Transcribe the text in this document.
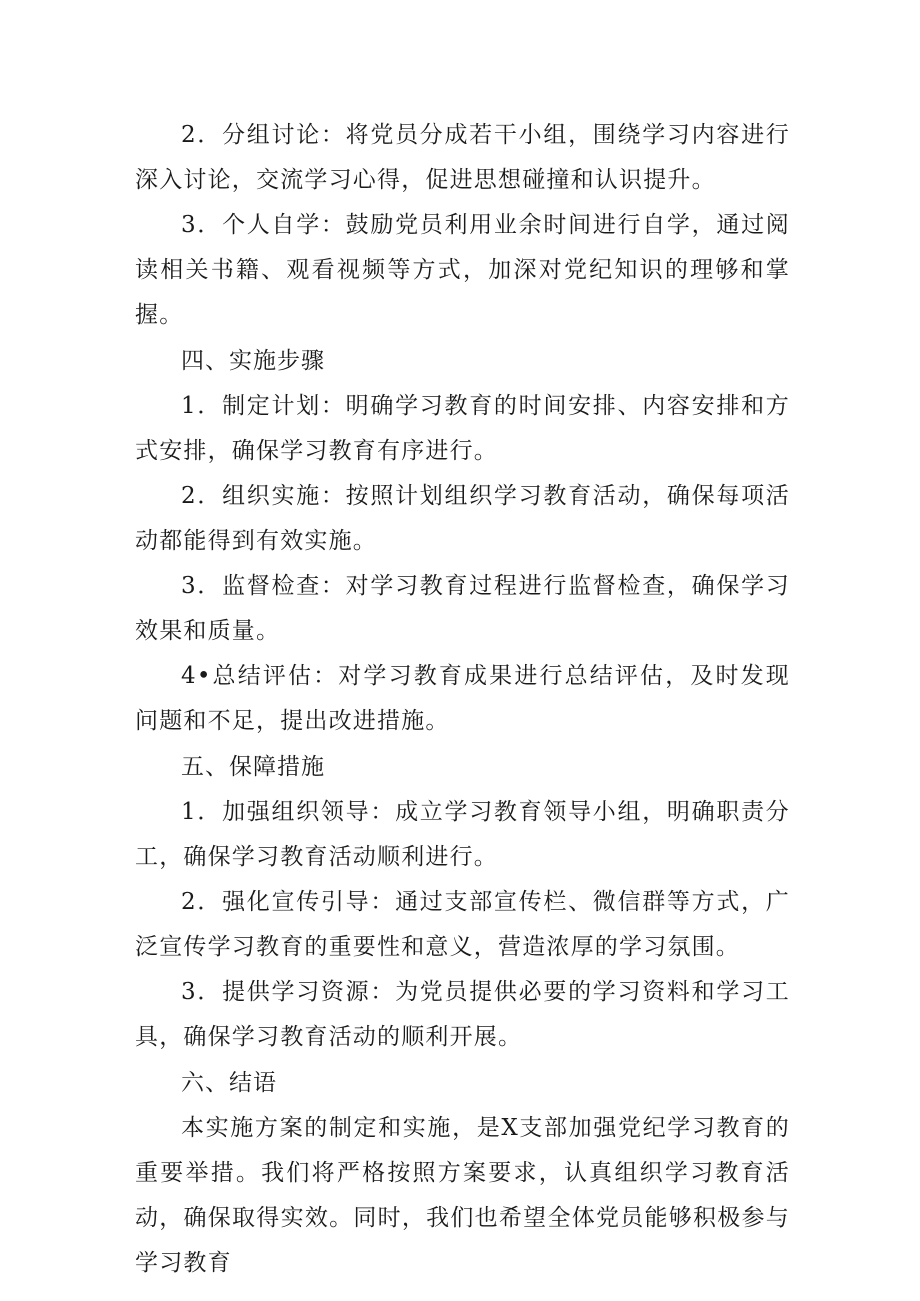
2．分组讨论：将党员分成若干小组，围绕学习内容进行深入讨论，交流学习心得，促进思想碰撞和认识提升。

3．个人自学：鼓励党员利用业余时间进行自学，通过阅读相关书籍、观看视频等方式，加深对党纪知识的理够和掌握。

四、实施步骤

1．制定计划：明确学习教育的时间安排、内容安排和方式安排，确保学习教育有序进行。

2．组织实施：按照计划组织学习教育活动，确保每项活动都能得到有效实施。

3．监督检查：对学习教育过程进行监督检查，确保学习效果和质量。

4•总结评估：对学习教育成果进行总结评估，及时发现问题和不足，提出改进措施。

五、保障措施

1．加强组织领导：成立学习教育领导小组，明确职责分工，确保学习教育活动顺利进行。

2．强化宣传引导：通过支部宣传栏、微信群等方式，广泛宣传学习教育的重要性和意义，营造浓厚的学习氛围。

3．提供学习资源：为党员提供必要的学习资料和学习工具，确保学习教育活动的顺利开展。

六、结语

本实施方案的制定和实施，是X支部加强党纪学习教育的重要举措。我们将严格按照方案要求，认真组织学习教育活动，确保取得实效。同时，我们也希望全体党员能够积极参与学习教育
